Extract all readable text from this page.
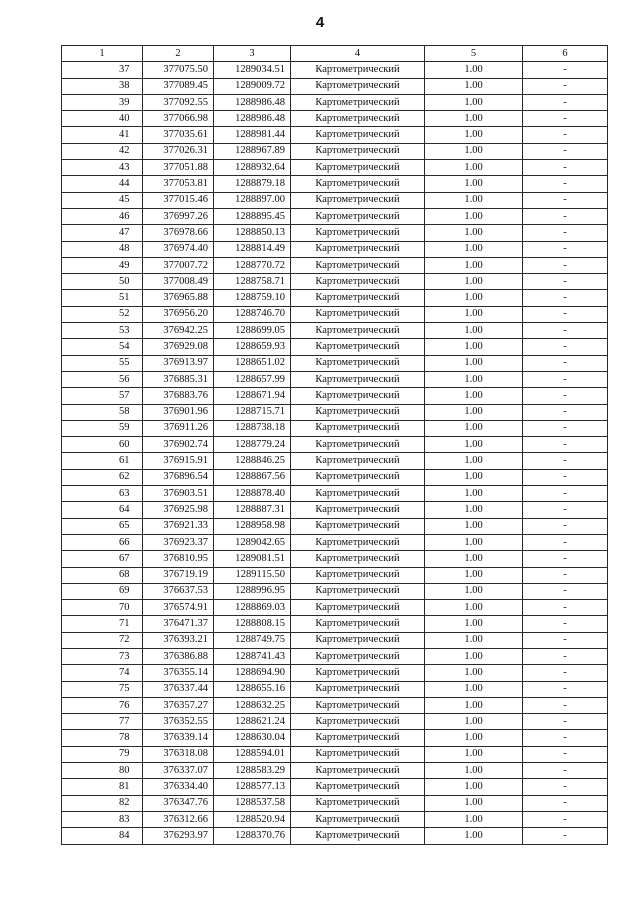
4
1	2	3	4	5	6
37	377075.50	1289034.51	Картометрический	1.00	-
38	377089.45	1289009.72	Картометрический	1.00	-
39	377092.55	1288986.48	Картометрический	1.00	-
40	377066.98	1288986.48	Картометрический	1.00	-
41	377035.61	1288981.44	Картометрический	1.00	-
42	377026.31	1288967.89	Картометрический	1.00	-
43	377051.88	1288932.64	Картометрический	1.00	-
44	377053.81	1288879.18	Картометрический	1.00	-
45	377015.46	1288897.00	Картометрический	1.00	-
46	376997.26	1288895.45	Картометрический	1.00	-
47	376978.66	1288850.13	Картометрический	1.00	-
48	376974.40	1288814.49	Картометрический	1.00	-
49	377007.72	1288770.72	Картометрический	1.00	-
50	377008.49	1288758.71	Картометрический	1.00	-
51	376965.88	1288759.10	Картометрический	1.00	-
52	376956.20	1288746.70	Картометрический	1.00	-
53	376942.25	1288699.05	Картометрический	1.00	-
54	376929.08	1288659.93	Картометрический	1.00	-
55	376913.97	1288651.02	Картометрический	1.00	-
56	376885.31	1288657.99	Картометрический	1.00	-
57	376883.76	1288671.94	Картометрический	1.00	-
58	376901.96	1288715.71	Картометрический	1.00	-
59	376911.26	1288738.18	Картометрический	1.00	-
60	376902.74	1288779.24	Картометрический	1.00	-
61	376915.91	1288846.25	Картометрический	1.00	-
62	376896.54	1288867.56	Картометрический	1.00	-
63	376903.51	1288878.40	Картометрический	1.00	-
64	376925.98	1288887.31	Картометрический	1.00	-
65	376921.33	1288958.98	Картометрический	1.00	-
66	376923.37	1289042.65	Картометрический	1.00	-
67	376810.95	1289081.51	Картометрический	1.00	-
68	376719.19	1289115.50	Картометрический	1.00	-
69	376637.53	1288996.95	Картометрический	1.00	-
70	376574.91	1288869.03	Картометрический	1.00	-
71	376471.37	1288808.15	Картометрический	1.00	-
72	376393.21	1288749.75	Картометрический	1.00	-
73	376386.88	1288741.43	Картометрический	1.00	-
74	376355.14	1288694.90	Картометрический	1.00	-
75	376337.44	1288655.16	Картометрический	1.00	-
76	376357.27	1288632.25	Картометрический	1.00	-
77	376352.55	1288621.24	Картометрический	1.00	-
78	376339.14	1288630.04	Картометрический	1.00	-
79	376318.08	1288594.01	Картометрический	1.00	-
80	376337.07	1288583.29	Картометрический	1.00	-
81	376334.40	1288577.13	Картометрический	1.00	-
82	376347.76	1288537.58	Картометрический	1.00	-
83	376312.66	1288520.94	Картометрический	1.00	-
84	376293.97	1288370.76	Картометрический	1.00	-
